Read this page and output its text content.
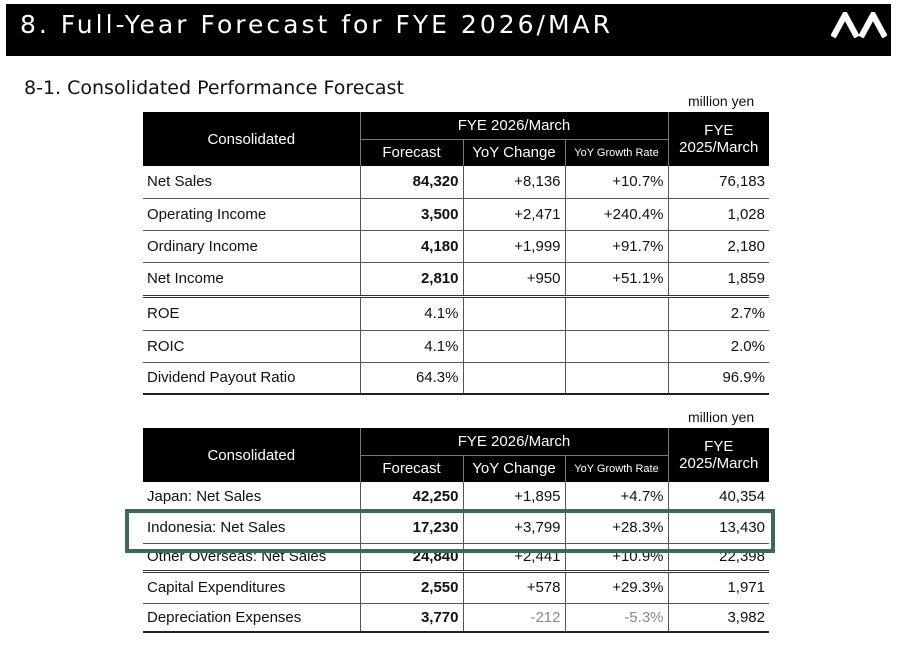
8. Full-Year Forecast for FYE 2026/MAR
8-1. Consolidated Performance Forecast
million yen
Consolidated	FYE 2026/March			FYE
2025/March
	Forecast	YoY Change	YoY Growth Rate	
Net Sales	84,320	+8,136	+10.7%	76,183
Operating Income	3,500	+2,471	+240.4%	1,028
Ordinary Income	4,180	+1,999	+91.7%	2,180
Net Income	2,810	+950	+51.1%	1,859
ROE	4.1%			2.7%
ROIC	4.1%			2.0%
Dividend Payout Ratio	64.3%			96.9%
million yen
Consolidated	FYE 2026/March			FYE
2025/March
	Forecast	YoY Change	YoY Growth Rate	
Japan: Net Sales	42,250	+1,895	+4.7%	40,354
Indonesia: Net Sales	17,230	+3,799	+28.3%	13,430
Other Overseas: Net Sales	24,840	+2,441	+10.9%	22,398
Capital Expenditures	2,550	+578	+29.3%	1,971
Depreciation Expenses	3,770	-212	-5.3%	3,982
